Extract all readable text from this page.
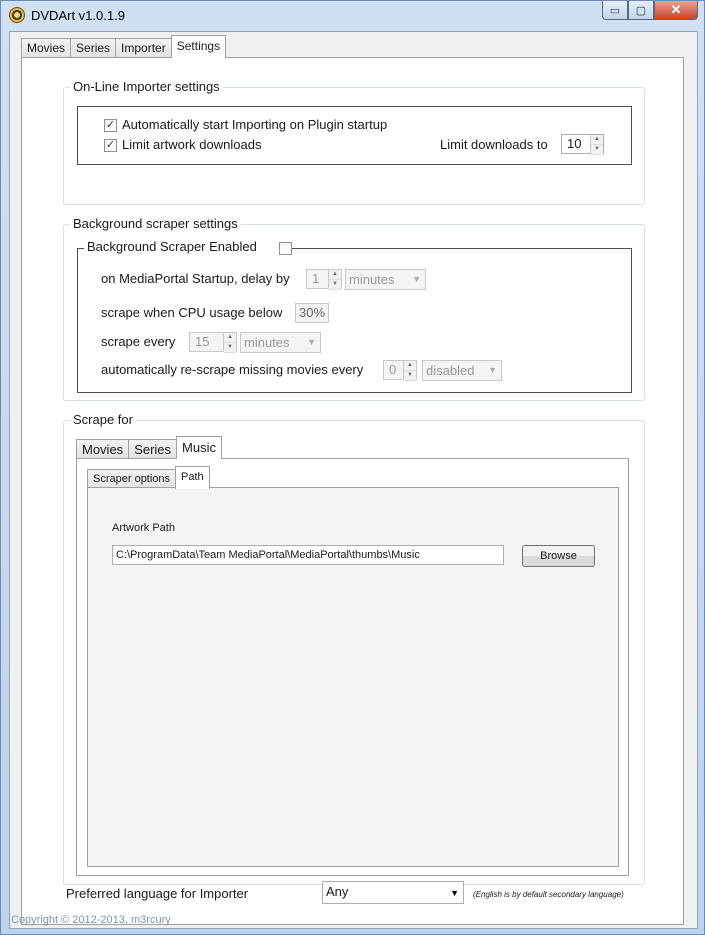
DVDArt v1.0.1.9	▭	▢	✕
Movies Series Importer Settings
On-Line Importer settings
✓ Automatically start Importing on Plugin startup
✓ Limit artwork downloads	Limit downloads to	10	▲
▼
Background scraper settings
Background Scraper Enabled
on MediaPortal Startup, delay by	1	▲
▼ minutes ▼
scrape when CPU usage below	30%
scrape every	15	▲
▼ minutes ▼
automatically re-scrape missing movies every	0	▲
▼	disabled ▼
Scrape for
Movies Series Music
Scraper options	Path
Artwork Path
C:\ProgramData\Team MediaPortal\MediaPortal\thumbs\Music	Browse
Preferred language for Importer	Any	▼ (English is by default secondary language)
Copyright © 2012-2013, m3rcury
